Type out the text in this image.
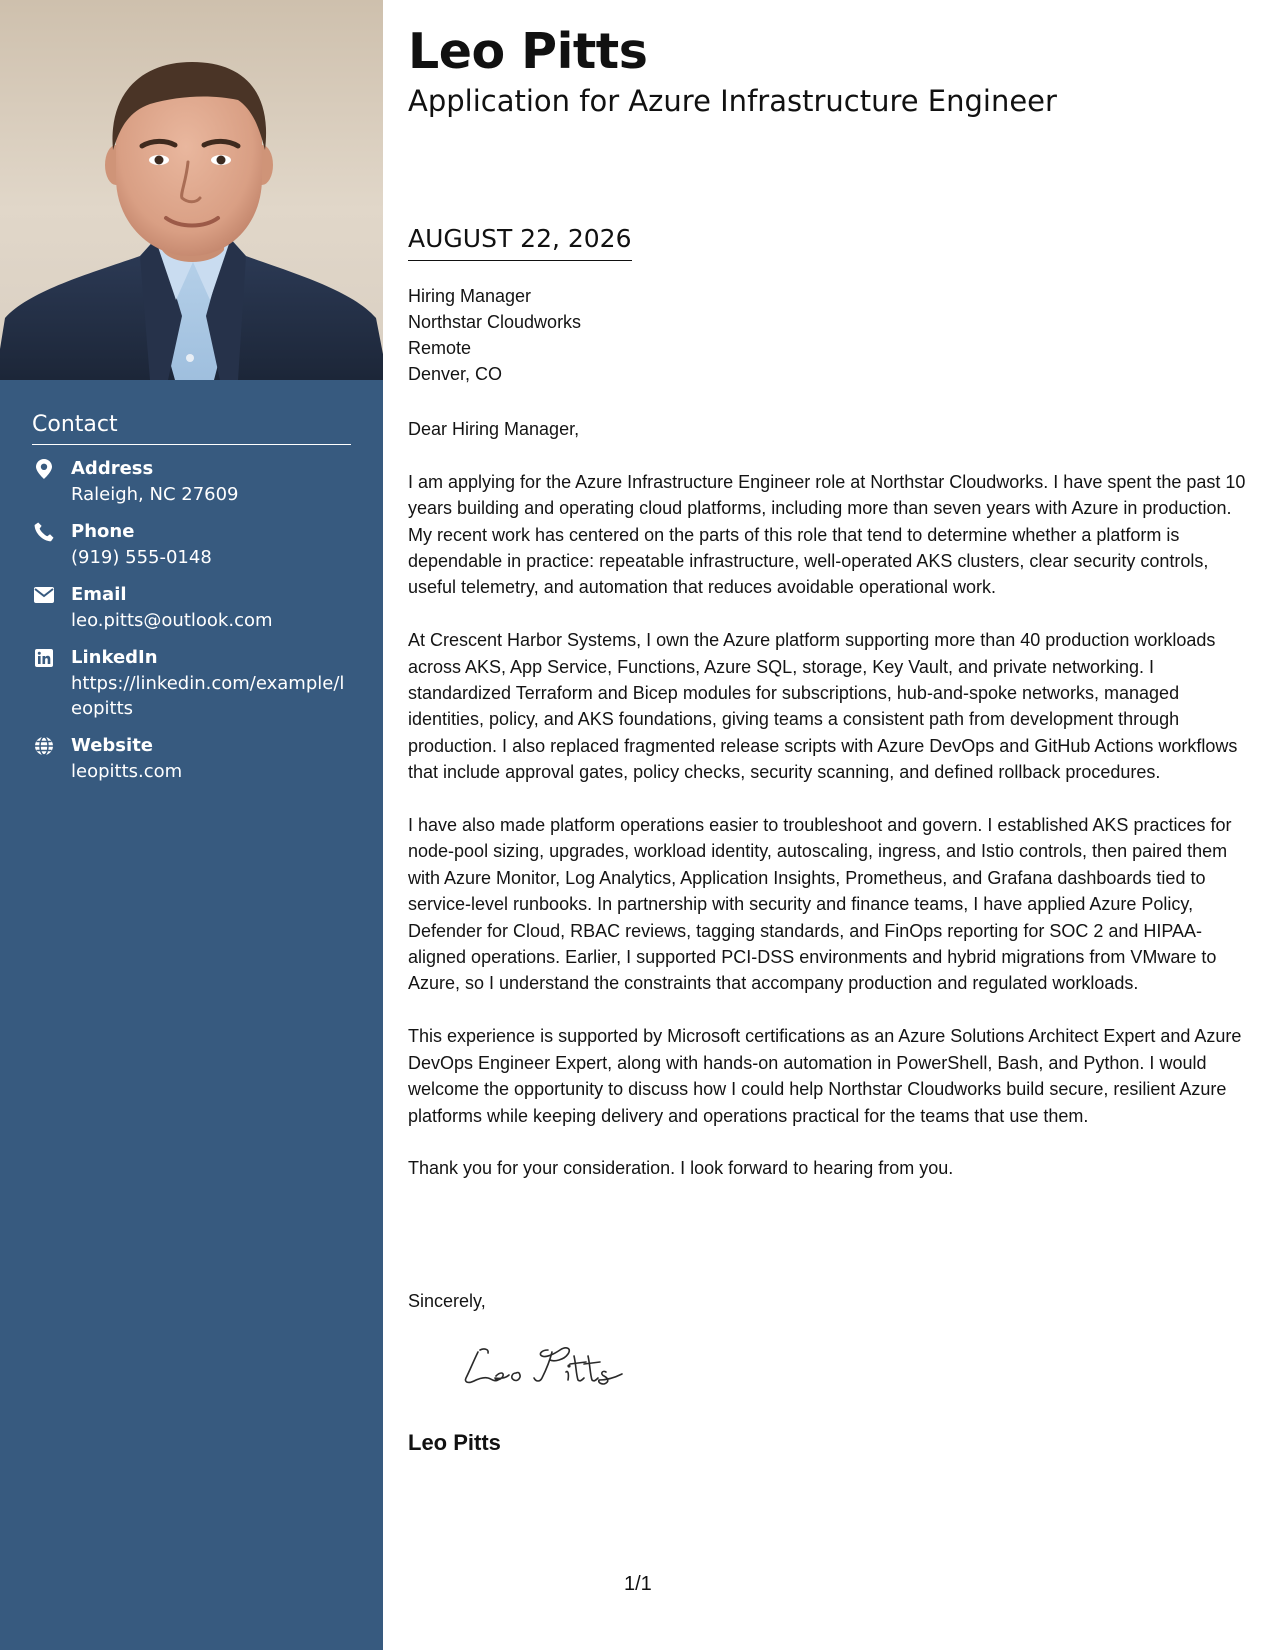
Contact
Address
Raleigh, NC 27609
Phone
(919) 555-0148
Email
leo.pitts@outlook.com
LinkedIn
https://linkedin.com/example/leopitts
Website
leopitts.com
Leo Pitts
Application for Azure Infrastructure Engineer
AUGUST 22, 2026
Hiring Manager
Northstar Cloudworks
Remote
Denver, CO

Dear Hiring Manager,

I am applying for the Azure Infrastructure Engineer role at Northstar Cloudworks. I have spent the past 10 years building and operating cloud platforms, including more than seven years with Azure in production. My recent work has centered on the parts of this role that tend to determine whether a platform is dependable in practice: repeatable infrastructure, well-operated AKS clusters, clear security controls, useful telemetry, and automation that reduces avoidable operational work.

At Crescent Harbor Systems, I own the Azure platform supporting more than 40 production workloads across AKS, App Service, Functions, Azure SQL, storage, Key Vault, and private networking. I standardized Terraform and Bicep modules for subscriptions, hub-and-spoke networks, managed identities, policy, and AKS foundations, giving teams a consistent path from development through production. I also replaced fragmented release scripts with Azure DevOps and GitHub Actions workflows that include approval gates, policy checks, security scanning, and defined rollback procedures.

I have also made platform operations easier to troubleshoot and govern. I established AKS practices for node-pool sizing, upgrades, workload identity, autoscaling, ingress, and Istio controls, then paired them with Azure Monitor, Log Analytics, Application Insights, Prometheus, and Grafana dashboards tied to service-level runbooks. In partnership with security and finance teams, I have applied Azure Policy, Defender for Cloud, RBAC reviews, tagging standards, and FinOps reporting for SOC 2 and HIPAA-aligned operations. Earlier, I supported PCI-DSS environments and hybrid migrations from VMware to Azure, so I understand the constraints that accompany production and regulated workloads.

This experience is supported by Microsoft certifications as an Azure Solutions Architect Expert and Azure DevOps Engineer Expert, along with hands-on automation in PowerShell, Bash, and Python. I would welcome the opportunity to discuss how I could help Northstar Cloudworks build secure, resilient Azure platforms while keeping delivery and operations practical for the teams that use them.

Thank you for your consideration. I look forward to hearing from you.

Sincerely,
Leo Pitts
1/1
